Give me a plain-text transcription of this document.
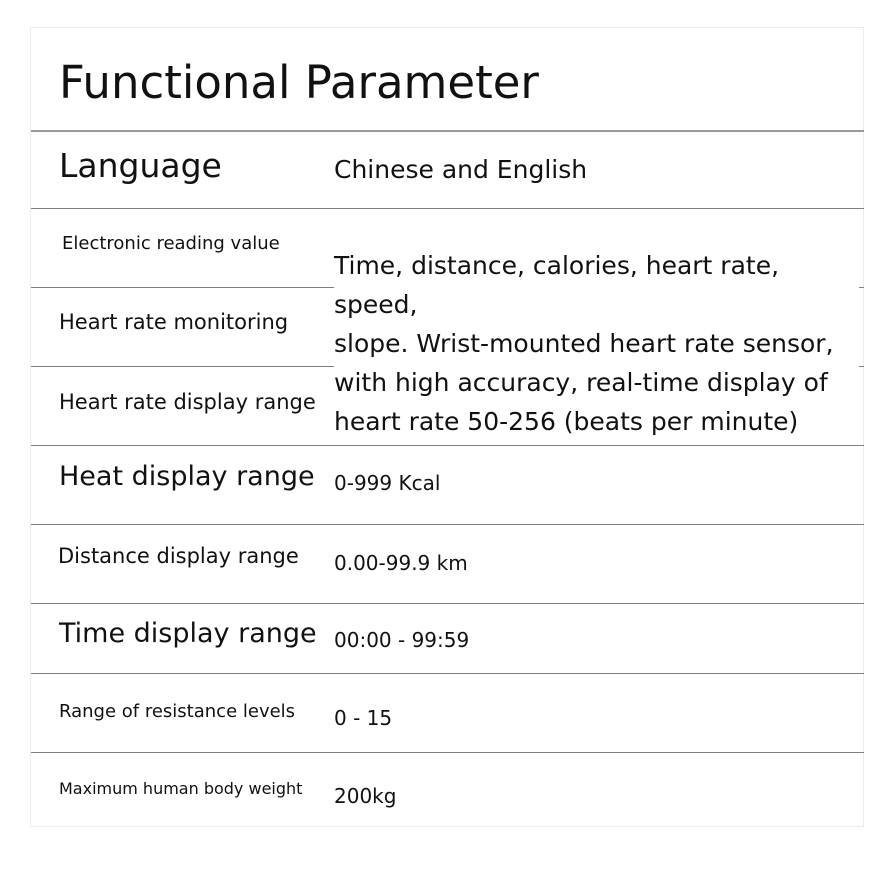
Functional Parameter
Language	Chinese and English
Electronic reading value
Heart rate monitoring
Heart rate display range
Time, distance, calories, heart rate, speed,
slope. Wrist-mounted heart rate sensor,
with high accuracy, real-time display of
heart rate 50-256 (beats per minute)
Heat display range 0-999 Kcal
Distance display range 0.00-99.9 km
Time display range 00:00 - 99:59
Range of resistance levels 0 - 15
Maximum human body weight 200kg
